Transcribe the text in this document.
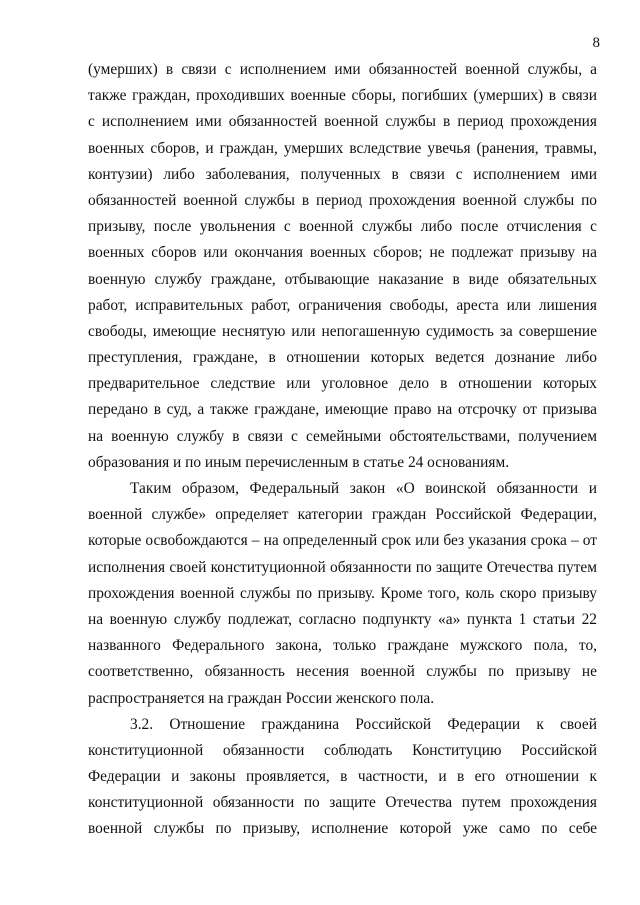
8
(умерших) в связи с исполнением ими обязанностей военной службы, а
также граждан, проходивших военные сборы, погибших (умерших) в связи
с исполнением ими обязанностей военной службы в период прохождения
военных сборов, и граждан, умерших вследствие увечья (ранения, травмы,
контузии) либо заболевания, полученных в связи с исполнением ими
обязанностей военной службы в период прохождения военной службы по
призыву, после увольнения с военной службы либо после отчисления с
военных сборов или окончания военных сборов; не подлежат призыву на
военную службу граждане, отбывающие наказание в виде обязательных
работ, исправительных работ, ограничения свободы, ареста или лишения
свободы, имеющие неснятую или непогашенную судимость за совершение
преступления, граждане, в отношении которых ведется дознание либо
предварительное следствие или уголовное дело в отношении которых
передано в суд, а также граждане, имеющие право на отсрочку от призыва
на военную службу в связи с семейными обстоятельствами, получением
образования и по иным перечисленным в статье 24 основаниям.
Таким образом, Федеральный закон «О воинской обязанности и
военной службе» определяет категории граждан Российской Федерации,
которые освобождаются – на определенный срок или без указания срока – от
исполнения своей конституционной обязанности по защите Отечества путем
прохождения военной службы по призыву. Кроме того, коль скоро призыву
на военную службу подлежат, согласно подпункту «а» пункта 1 статьи 22
названного Федерального закона, только граждане мужского пола, то,
соответственно, обязанность несения военной службы по призыву не
распространяется на граждан России женского пола.
3.2. Отношение гражданина Российской Федерации к своей
конституционной обязанности соблюдать Конституцию Российской
Федерации и законы проявляется, в частности, и в его отношении к
конституционной обязанности по защите Отечества путем прохождения
военной службы по призыву, исполнение которой уже само по себе
